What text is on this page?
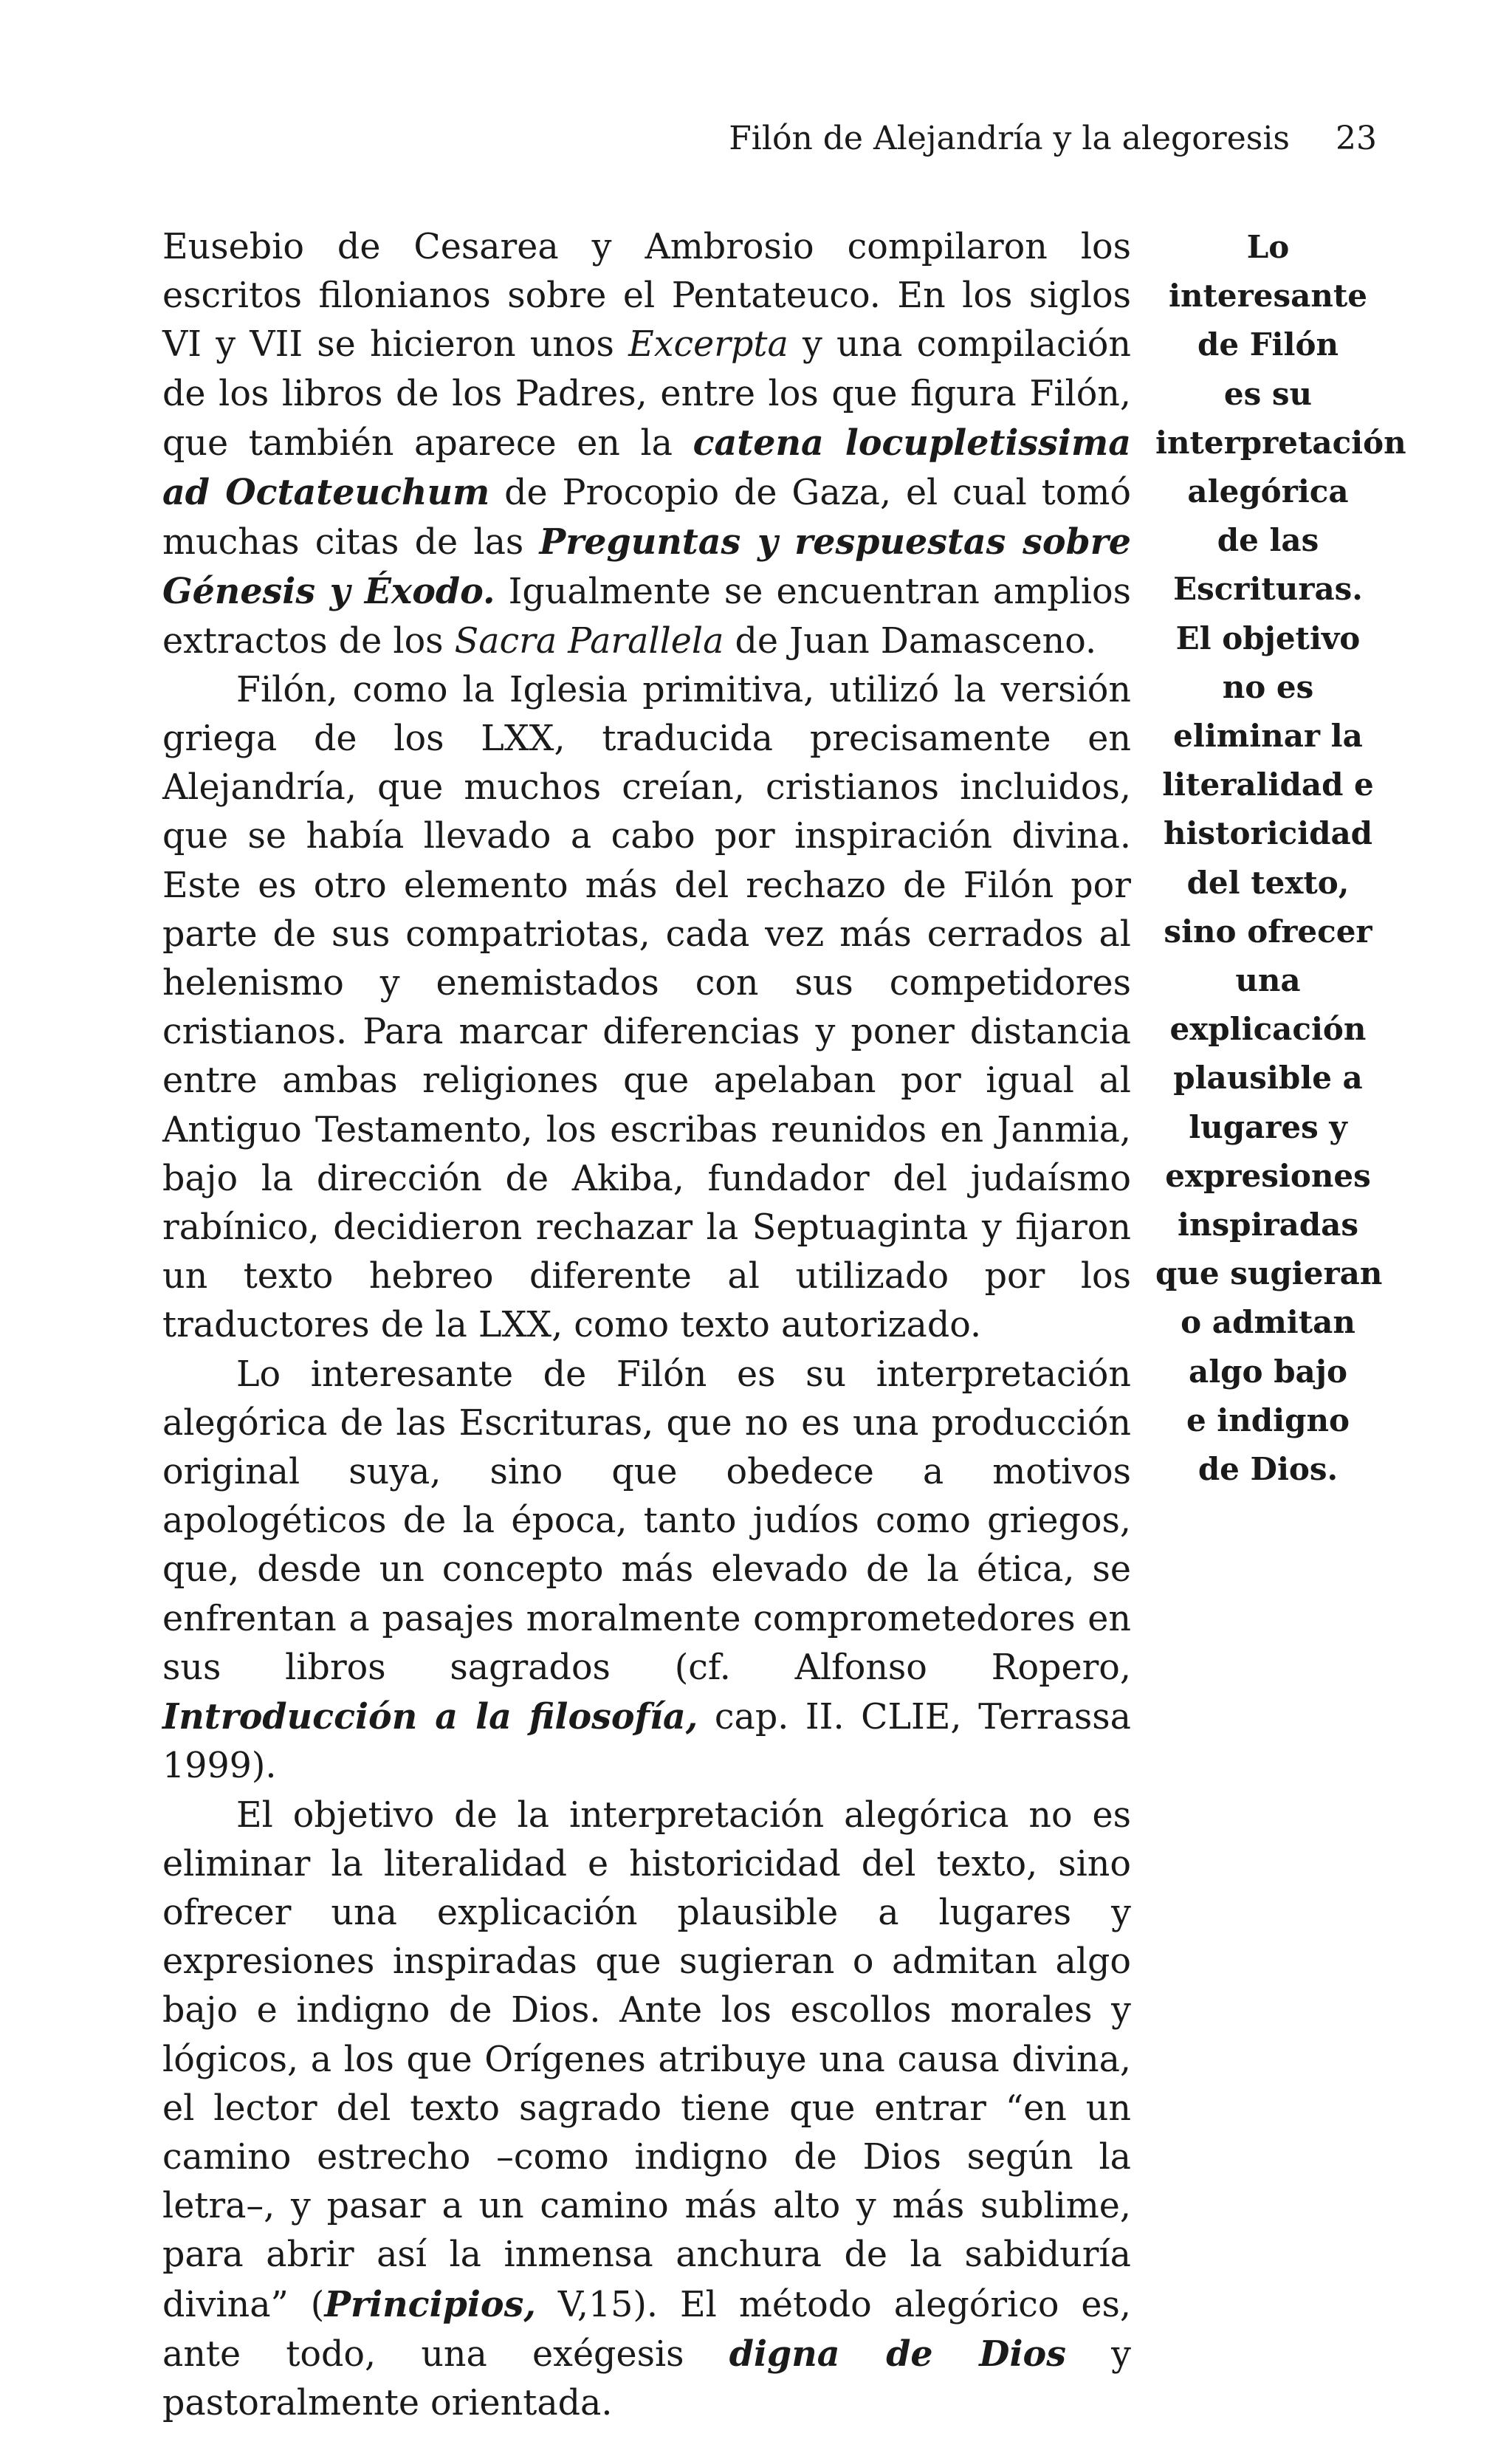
Filón de Alejandría y la alegoresis 23

Eusebio de Cesarea y Ambrosio compilaron los escritos filonianos sobre el Pentateuco. En los siglos VI y VII se hicieron unos Excerpta y una compilación de los libros de los Padres, entre los que figura Filón, que también aparece en la catena locupletissima ad Octateuchum de Procopio de Gaza, el cual tomó muchas citas de las Preguntas y respuestas sobre Génesis y Éxodo. Igualmente se encuentran amplios extractos de los Sacra Parallela de Juan Damasceno.

Filón, como la Iglesia primitiva, utilizó la versión griega de los LXX, traducida precisamente en Alejandría, que muchos creían, cristianos incluidos, que se había llevado a cabo por inspiración divina. Este es otro elemento más del rechazo de Filón por parte de sus compatriotas, cada vez más cerrados al helenismo y enemistados con sus competidores cristianos. Para marcar diferencias y poner distancia entre ambas religiones que apelaban por igual al Antiguo Testamento, los escribas reunidos en Janmia, bajo la dirección de Akiba, fundador del judaísmo rabínico, decidieron rechazar la Septuaginta y fijaron un texto hebreo diferente al utilizado por los traductores de la LXX, como texto autorizado.

Lo interesante de Filón es su interpretación alegórica de las Escrituras, que no es una producción original suya, sino que obedece a motivos apologéticos de la época, tanto judíos como griegos, que, desde un concepto más elevado de la ética, se enfrentan a pasajes moralmente comprometedores en sus libros sagrados (cf. Alfonso Ropero, Introducción a la filosofía, cap. II. CLIE, Terrassa 1999).

El objetivo de la interpretación alegórica no es eliminar la literalidad e historicidad del texto, sino ofrecer una explicación plausible a lugares y expresiones inspiradas que sugieran o admitan algo bajo e indigno de Dios. Ante los escollos morales y lógicos, a los que Orígenes atribuye una causa divina, el lector del texto sagrado tiene que entrar “en un camino estrecho –como indigno de Dios según la letra–, y pasar a un camino más alto y más sublime, para abrir así la inmensa anchura de la sabiduría divina” (Principios, V,15). El método alegórico es, ante todo, una exégesis digna de Dios y pastoralmente orientada.

Lo
interesante
de Filón
es su
interpretación
alegórica
de las
Escrituras.
El objetivo
no es
eliminar la
literalidad e
historicidad
del texto,
sino ofrecer
una
explicación
plausible a
lugares y
expresiones
inspiradas
que sugieran
o admitan
algo bajo
e indigno
de Dios.
